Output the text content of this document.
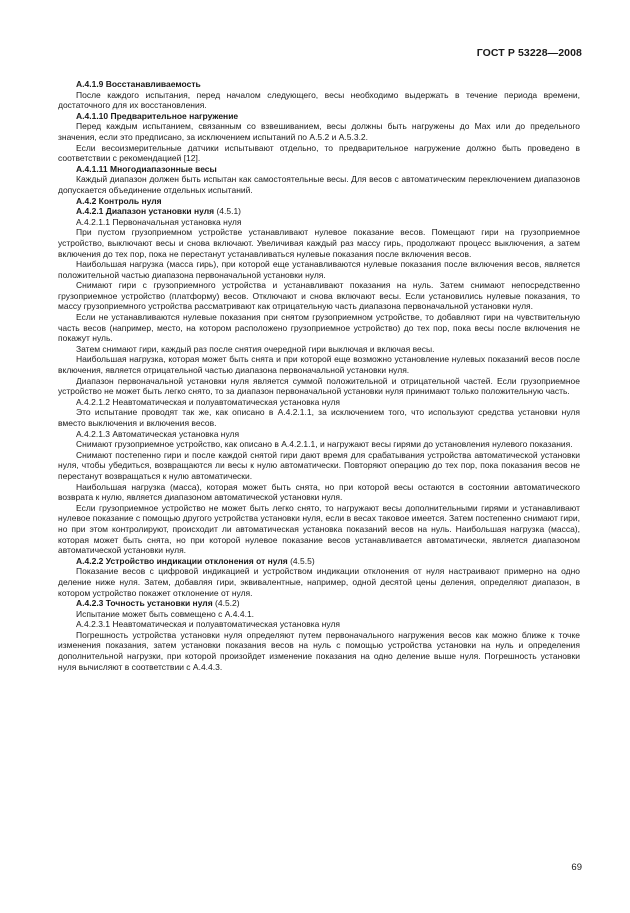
ГОСТ Р 53228—2008

А.4.1.9 Восстанавливаемость

После каждого испытания, перед началом следующего, весы необходимо выдержать в течение периода времени, достаточного для их восстановления.

А.4.1.10 Предварительное нагружение

Перед каждым испытанием, связанным со взвешиванием, весы должны быть нагружены до Max или до предельного значения, если это предписано, за исключением испытаний по А.5.2 и А.5.3.2.

Если весоизмерительные датчики испытывают отдельно, то предварительное нагружение должно быть проведено в соответствии с рекомендацией [12].

А.4.1.11 Многодиапазонные весы

Каждый диапазон должен быть испытан как самостоятельные весы. Для весов с автоматическим переключением диапазонов допускается объединение отдельных испытаний.

А.4.2 Контроль нуля

А.4.2.1 Диапазон установки нуля (4.5.1)

А.4.2.1.1 Первоначальная установка нуля

При пустом грузоприемном устройстве устанавливают нулевое показание весов. Помещают гири на грузоприемное устройство, выключают весы и снова включают. Увеличивая каждый раз массу гирь, продолжают процесс выключения, а затем включения до тех пор, пока не перестанут устанавливаться нулевые показания после включения весов.

Наибольшая нагрузка (масса гирь), при которой еще устанавливаются нулевые показания после включения весов, является положительной частью диапазона первоначальной установки нуля.

Снимают гири с грузоприемного устройства и устанавливают показания на нуль. Затем снимают непосредственно грузоприемное устройство (платформу) весов. Отключают и снова включают весы. Если установились нулевые показания, то массу грузоприемного устройства рассматривают как отрицательную часть диапазона первоначальной установки нуля.

Если не устанавливаются нулевые показания при снятом грузоприемном устройстве, то добавляют гири на чувствительную часть весов (например, место, на котором расположено грузоприемное устройство) до тех пор, пока весы после включения не покажут нуль.

Затем снимают гири, каждый раз после снятия очередной гири выключая и включая весы.

Наибольшая нагрузка, которая может быть снята и при которой еще возможно установление нулевых показаний весов после включения, является отрицательной частью диапазона первоначальной установки нуля.

Диапазон первоначальной установки нуля является суммой положительной и отрицательной частей. Если грузоприемное устройство не может быть легко снято, то за диапазон первоначальной установки нуля принимают только положительную часть.

А.4.2.1.2 Неавтоматическая и полуавтоматическая установка нуля

Это испытание проводят так же, как описано в А.4.2.1.1, за исключением того, что используют средства установки нуля вместо выключения и включения весов.

А.4.2.1.3 Автоматическая установка нуля

Снимают грузоприемное устройство, как описано в А.4.2.1.1, и нагружают весы гирями до установления нулевого показания.

Снимают постепенно гири и после каждой снятой гири дают время для срабатывания устройства автоматической установки нуля, чтобы убедиться, возвращаются ли весы к нулю автоматически. Повторяют операцию до тех пор, пока показания весов не перестанут возвращаться к нулю автоматически.

Наибольшая нагрузка (масса), которая может быть снята, но при которой весы остаются в состоянии автоматического возврата к нулю, является диапазоном автоматической установки нуля.

Если грузоприемное устройство не может быть легко снято, то нагружают весы дополнительными гирями и устанавливают нулевое показание с помощью другого устройства установки нуля, если в весах таковое имеется. Затем постепенно снимают гири, но при этом контролируют, происходит ли автоматическая установка показаний весов на нуль. Наибольшая нагрузка (масса), которая может быть снята, но при которой нулевое показание весов устанавливается автоматически, является диапазоном автоматической установки нуля.

А.4.2.2 Устройство индикации отклонения от нуля (4.5.5)

Показание весов с цифровой индикацией и устройством индикации отклонения от нуля настраивают примерно на одно деление ниже нуля. Затем, добавляя гири, эквивалентные, например, одной десятой цены деления, определяют диапазон, в котором устройство покажет отклонение от нуля.

А.4.2.3 Точность установки нуля (4.5.2)

Испытание может быть совмещено с А.4.4.1.

А.4.2.3.1 Неавтоматическая и полуавтоматическая установка нуля

Погрешность устройства установки нуля определяют путем первоначального нагружения весов как можно ближе к точке изменения показания, затем установки показания весов на нуль с помощью устройства установки на нуль и определения дополнительной нагрузки, при которой произойдет изменение показания на одно деление выше нуля. Погрешность установки нуля вычисляют в соответствии с А.4.4.3.

69
